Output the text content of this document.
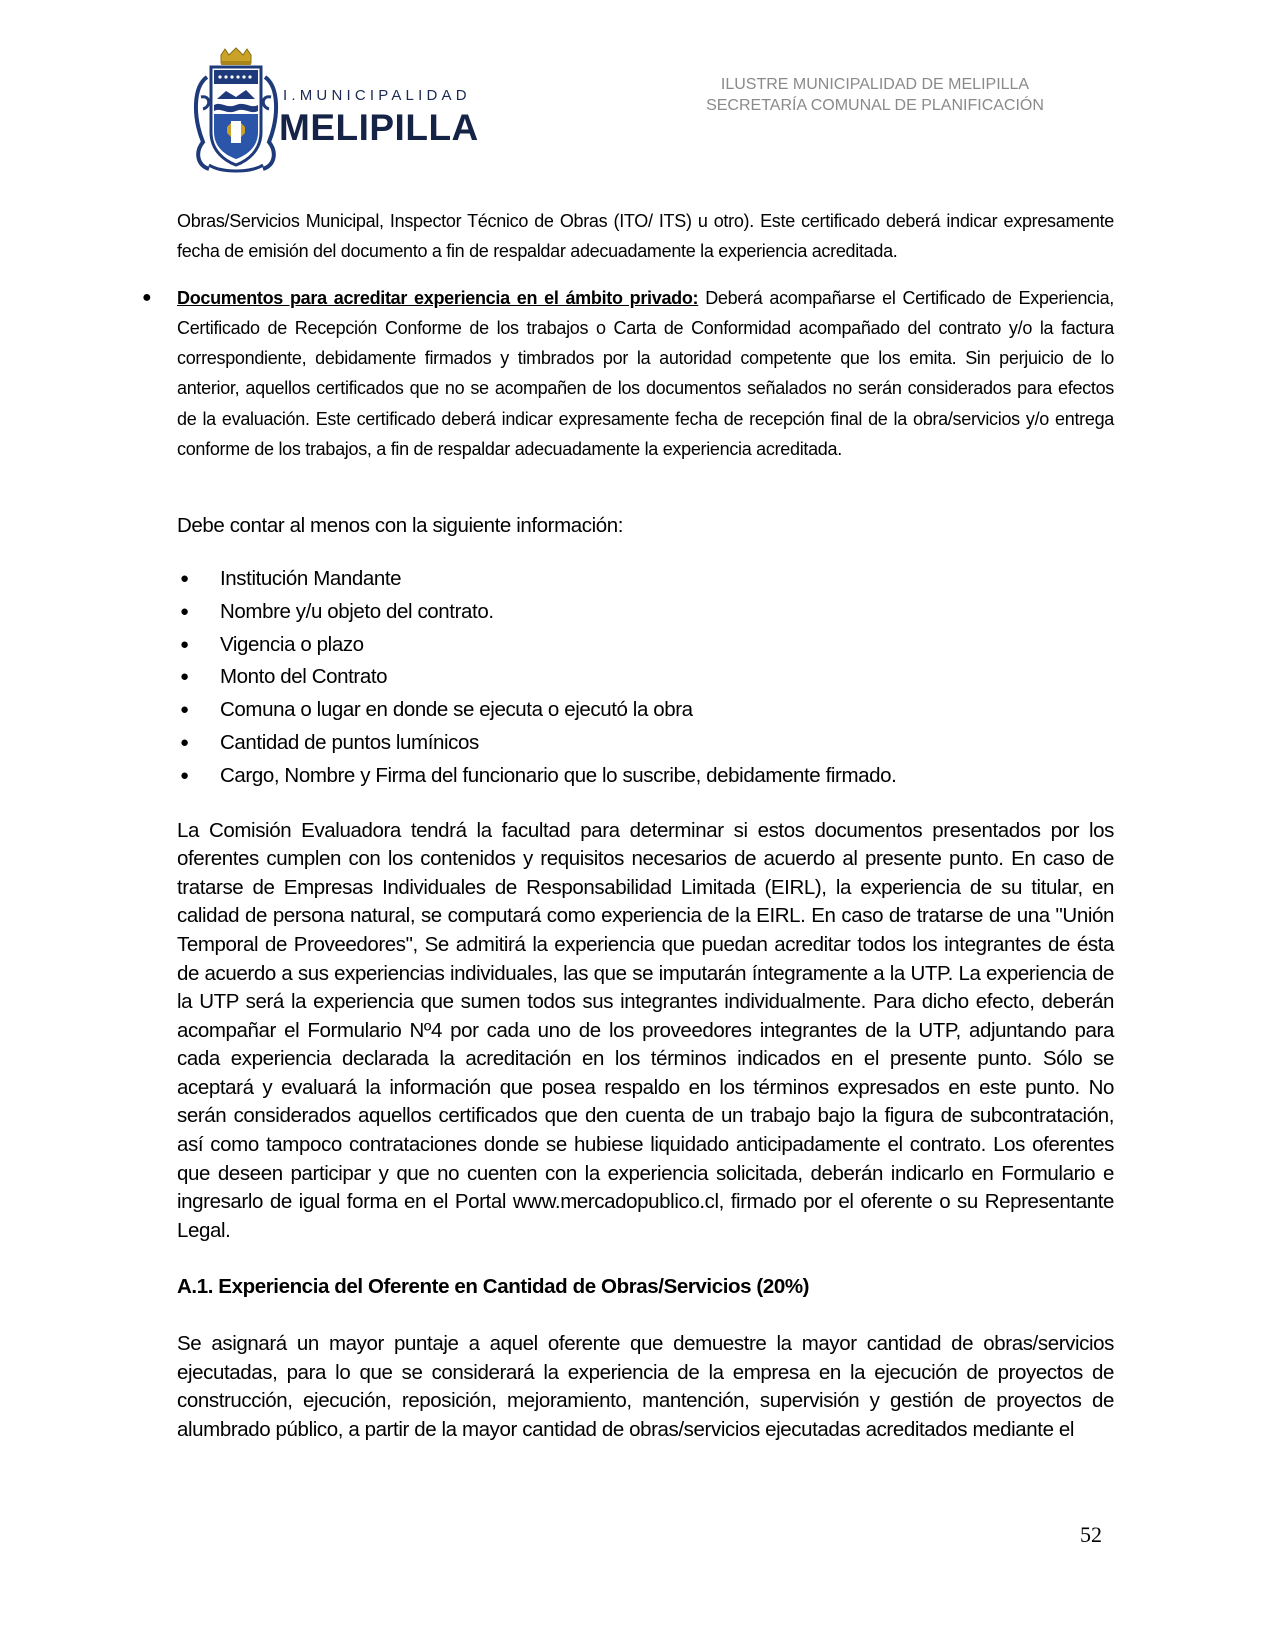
I.MUNICIPALIDAD
MELIPILLA
ILUSTRE MUNICIPALIDAD DE MELIPILLA
SECRETARÍA COMUNAL DE PLANIFICACIÓN

Obras/Servicios Municipal, Inspector Técnico de Obras (ITO/ ITS) u otro). Este certificado deberá indicar expresamente fecha de emisión del documento a fin de respaldar adecuadamente la experiencia acreditada.

● Documentos para acreditar experiencia en el ámbito privado: Deberá acompañarse el Certificado de Experiencia, Certificado de Recepción Conforme de los trabajos o Carta de Conformidad acompañado del contrato y/o la factura correspondiente, debidamente firmados y timbrados por la autoridad competente que los emita. Sin perjuicio de lo anterior, aquellos certificados que no se acompañen de los documentos señalados no serán considerados para efectos de la evaluación. Este certificado deberá indicar expresamente fecha de recepción final de la obra/servicios y/o entrega conforme de los trabajos, a fin de respaldar adecuadamente la experiencia acreditada.

Debe contar al menos con la siguiente información:

● Institución Mandante
● Nombre y/u objeto del contrato.
● Vigencia o plazo
● Monto del Contrato
● Comuna o lugar en donde se ejecuta o ejecutó la obra
● Cantidad de puntos lumínicos
● Cargo, Nombre y Firma del funcionario que lo suscribe, debidamente firmado.

La Comisión Evaluadora tendrá la facultad para determinar si estos documentos presentados por los oferentes cumplen con los contenidos y requisitos necesarios de acuerdo al presente punto. En caso de tratarse de Empresas Individuales de Responsabilidad Limitada (EIRL), la experiencia de su titular, en calidad de persona natural, se computará como experiencia de la EIRL. En caso de tratarse de una "Unión Temporal de Proveedores", Se admitirá la experiencia que puedan acreditar todos los integrantes de ésta de acuerdo a sus experiencias individuales, las que se imputarán íntegramente a la UTP. La experiencia de la UTP será la experiencia que sumen todos sus integrantes individualmente. Para dicho efecto, deberán acompañar el Formulario Nº4 por cada uno de los proveedores integrantes de la UTP, adjuntando para cada experiencia declarada la acreditación en los términos indicados en el presente punto. Sólo se aceptará y evaluará la información que posea respaldo en los términos expresados en este punto. No serán considerados aquellos certificados que den cuenta de un trabajo bajo la figura de subcontratación, así como tampoco contrataciones donde se hubiese liquidado anticipadamente el contrato. Los oferentes que deseen participar y que no cuenten con la experiencia solicitada, deberán indicarlo en Formulario e ingresarlo de igual forma en el Portal www.mercadopublico.cl, firmado por el oferente o su Representante Legal.

A.1. Experiencia del Oferente en Cantidad de Obras/Servicios (20%)

Se asignará un mayor puntaje a aquel oferente que demuestre la mayor cantidad de obras/servicios ejecutadas, para lo que se considerará la experiencia de la empresa en la ejecución de proyectos de construcción, ejecución, reposición, mejoramiento, mantención, supervisión y gestión de proyectos de alumbrado público, a partir de la mayor cantidad de obras/servicios ejecutadas acreditados mediante el

52
